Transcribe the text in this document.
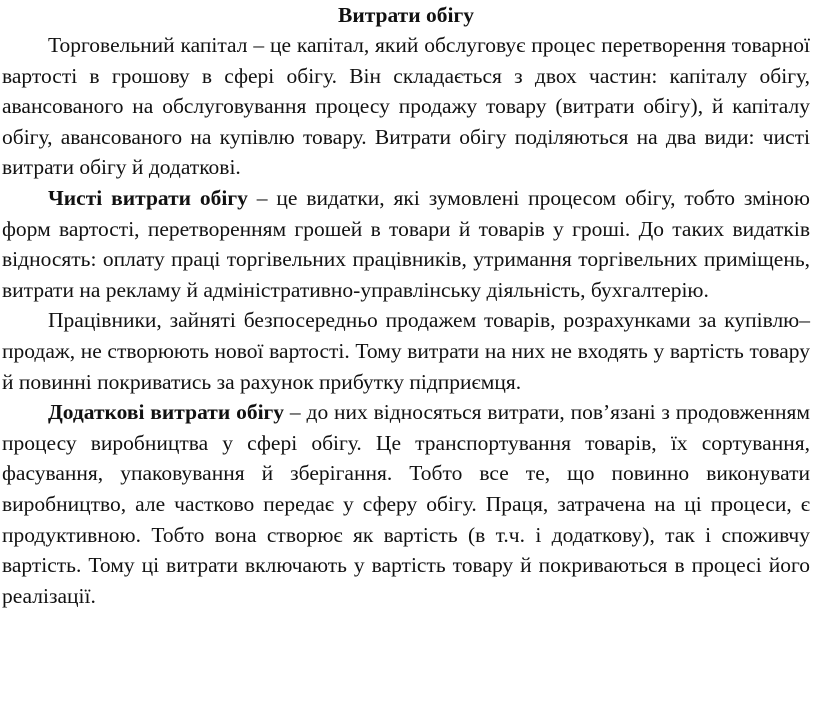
Витрати обігу

Торговельний капітал – це капітал, який обслуговує процес перетворення товарної вартості в грошову в сфері обігу. Він складається з двох частин: капіталу обігу, авансованого на обслуговування процесу продажу товару (витрати обігу), й капіталу обігу, авансованого на купівлю товару. Витрати обігу поділяються на два види: чисті витрати обігу й додаткові.

Чисті витрати обігу – це видатки, які зумовлені процесом обігу, тобто зміною форм вартості, перетворенням грошей в товари й товарів у гроші. До таких видатків відносять: оплату праці торгівельних працівників, утримання торгівельних приміщень, витрати на рекламу й адміністративно-управлінську діяльність, бухгалтерію.

Працівники, зайняті безпосередньо продажем товарів, розрахунками за купівлю–продаж, не створюють нової вартості. Тому витрати на них не входять у вартість товару й повинні покриватись за рахунок прибутку підприємця.

Додаткові витрати обігу – до них відносяться витрати, пов’язані з продовженням процесу виробництва у сфері обігу. Це транспортування товарів, їх сортування, фасування, упаковування й зберігання. Тобто все те, що повинно виконувати виробництво, але частково передає у сферу обігу. Праця, затрачена на ці процеси, є продуктивною. Тобто вона створює як вартість (в т.ч. і додаткову), так і споживчу вартість. Тому ці витрати включають у вартість товару й покриваються в процесі його реалізації.
